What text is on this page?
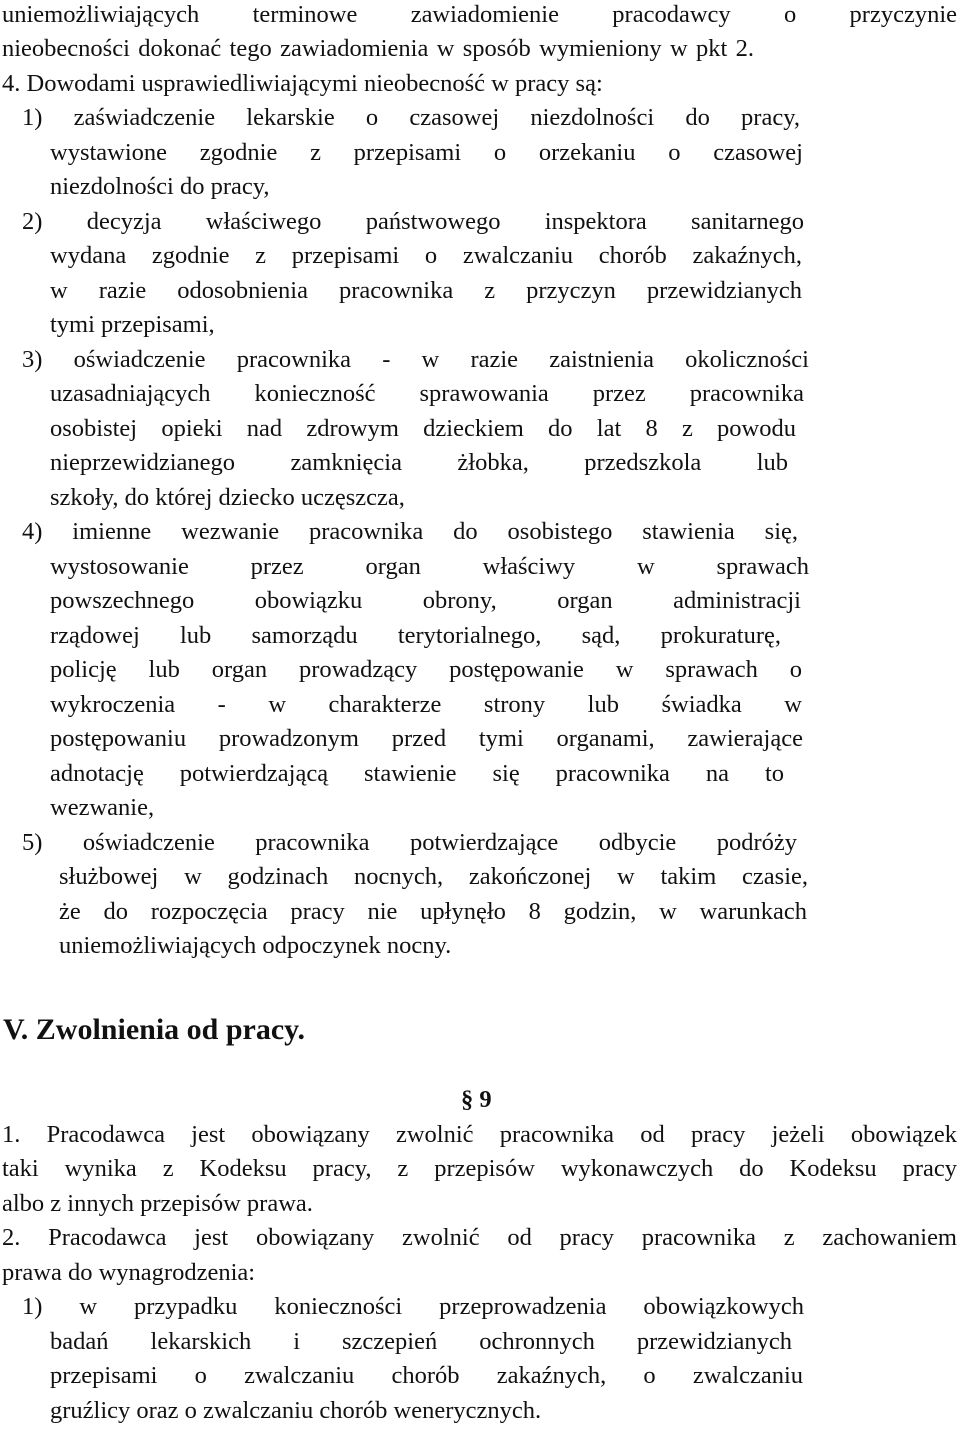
uniemożliwiających terminowe zawiadomienie pracodawcy o przyczynie

nieobecności dokonać tego zawiadomienia w sposób wymieniony w pkt 2.

4. Dowodami usprawiedliwiającymi nieobecność w pracy są:

1) zaświadczenie lekarskie o czasowej niezdolności do pracy,

wystawione zgodnie z przepisami o orzekaniu o czasowej

niezdolności do pracy,

2) decyzja właściwego państwowego inspektora sanitarnego

wydana zgodnie z przepisami o zwalczaniu chorób zakaźnych,

w razie odosobnienia pracownika z przyczyn przewidzianych

tymi przepisami,

3) oświadczenie pracownika - w razie zaistnienia okoliczności

uzasadniających konieczność sprawowania przez pracownika

osobistej opieki nad zdrowym dzieckiem do lat 8 z powodu

nieprzewidzianego zamknięcia żłobka, przedszkola lub

szkoły, do której dziecko uczęszcza,

4) imienne wezwanie pracownika do osobistego stawienia się,

wystosowanie przez organ właściwy w sprawach

powszechnego obowiązku obrony, organ administracji

rządowej lub samorządu terytorialnego, sąd, prokuraturę,

policję lub organ prowadzący postępowanie w sprawach o

wykroczenia - w charakterze strony lub świadka w

postępowaniu prowadzonym przed tymi organami, zawierające

adnotację potwierdzającą stawienie się pracownika na to

wezwanie,

5) oświadczenie pracownika potwierdzające odbycie podróży

służbowej w godzinach nocnych, zakończonej w takim czasie,

że do rozpoczęcia pracy nie upłynęło 8 godzin, w warunkach

uniemożliwiających odpoczynek nocny.

V. Zwolnienia od pracy.

§ 9

1. Pracodawca jest obowiązany zwolnić pracownika od pracy jeżeli obowiązek

taki wynika z Kodeksu pracy, z przepisów wykonawczych do Kodeksu pracy

albo z innych przepisów prawa.

2. Pracodawca jest obowiązany zwolnić od pracy pracownika z zachowaniem

prawa do wynagrodzenia:

1) w przypadku konieczności przeprowadzenia obowiązkowych

badań lekarskich i szczepień ochronnych przewidzianych

przepisami o zwalczaniu chorób zakaźnych, o zwalczaniu

gruźlicy oraz o zwalczaniu chorób wenerycznych.
